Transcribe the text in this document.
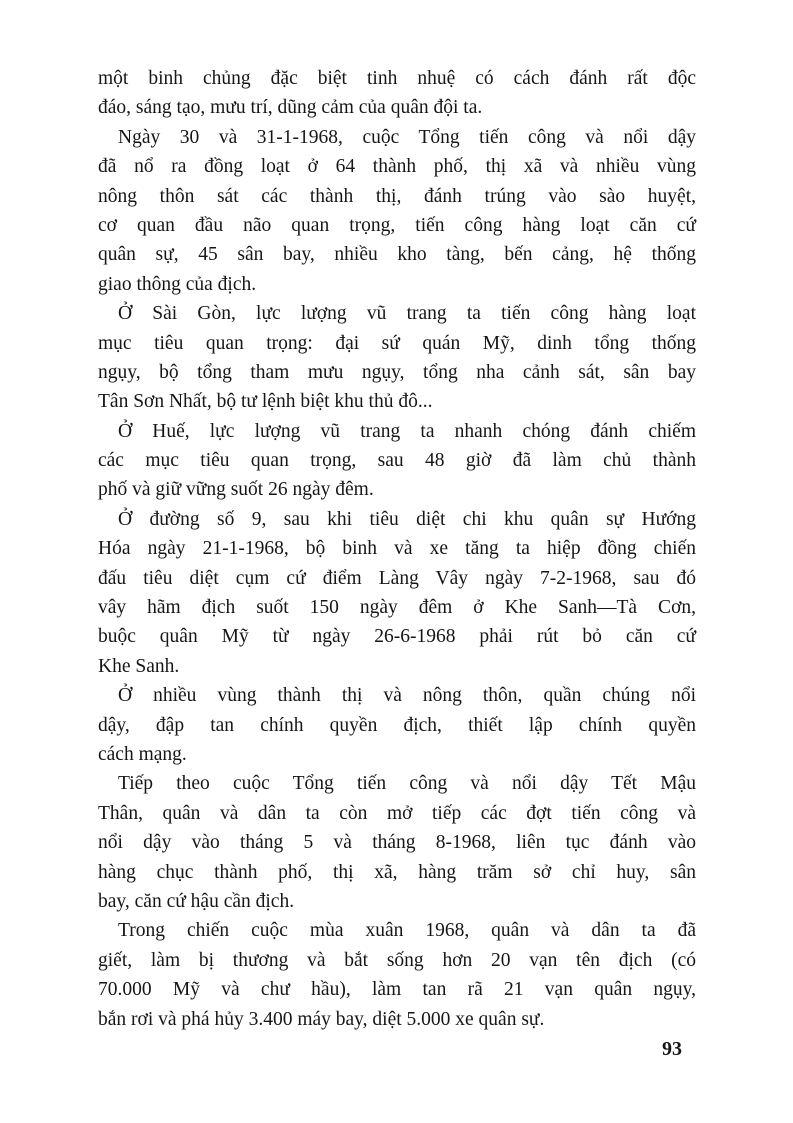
một binh chủng đặc biệt tinh nhuệ có cách đánh rất độc
đáo, sáng tạo, mưu trí, dũng cảm của quân đội ta.
Ngày 30 và 31-1-1968, cuộc Tổng tiến công và nổi dậy
đã nổ ra đồng loạt ở 64 thành phố, thị xã và nhiều vùng
nông thôn sát các thành thị, đánh trúng vào sào huyệt,
cơ quan đầu não quan trọng, tiến công hàng loạt căn cứ
quân sự, 45 sân bay, nhiều kho tàng, bến cảng, hệ thống
giao thông của địch.
Ở Sài Gòn, lực lượng vũ trang ta tiến công hàng loạt
mục tiêu quan trọng: đại sứ quán Mỹ, dinh tổng thống
ngụy, bộ tổng tham mưu ngụy, tổng nha cảnh sát, sân bay
Tân Sơn Nhất, bộ tư lệnh biệt khu thủ đô...
Ở Huế, lực lượng vũ trang ta nhanh chóng đánh chiếm
các mục tiêu quan trọng, sau 48 giờ đã làm chủ thành
phố và giữ vững suốt 26 ngày đêm.
Ở đường số 9, sau khi tiêu diệt chi khu quân sự Hướng
Hóa ngày 21-1-1968, bộ binh và xe tăng ta hiệp đồng chiến
đấu tiêu diệt cụm cứ điểm Làng Vây ngày 7-2-1968, sau đó
vây hãm địch suốt 150 ngày đêm ở Khe Sanh—Tà Cơn,
buộc quân Mỹ từ ngày 26-6-1968 phải rút bỏ căn cứ
Khe Sanh.
Ở nhiều vùng thành thị và nông thôn, quần chúng nổi
dậy, đập tan chính quyền địch, thiết lập chính quyền
cách mạng.
Tiếp theo cuộc Tổng tiến công và nổi dậy Tết Mậu
Thân, quân và dân ta còn mở tiếp các đợt tiến công và
nổi dậy vào tháng 5 và tháng 8-1968, liên tục đánh vào
hàng chục thành phố, thị xã, hàng trăm sở chỉ huy, sân
bay, căn cứ hậu cần địch.
Trong chiến cuộc mùa xuân 1968, quân và dân ta đã
giết, làm bị thương và bắt sống hơn 20 vạn tên địch (có
70.000 Mỹ và chư hầu), làm tan rã 21 vạn quân ngụy,
bắn rơi và phá hủy 3.400 máy bay, diệt 5.000 xe quân sự.
93
